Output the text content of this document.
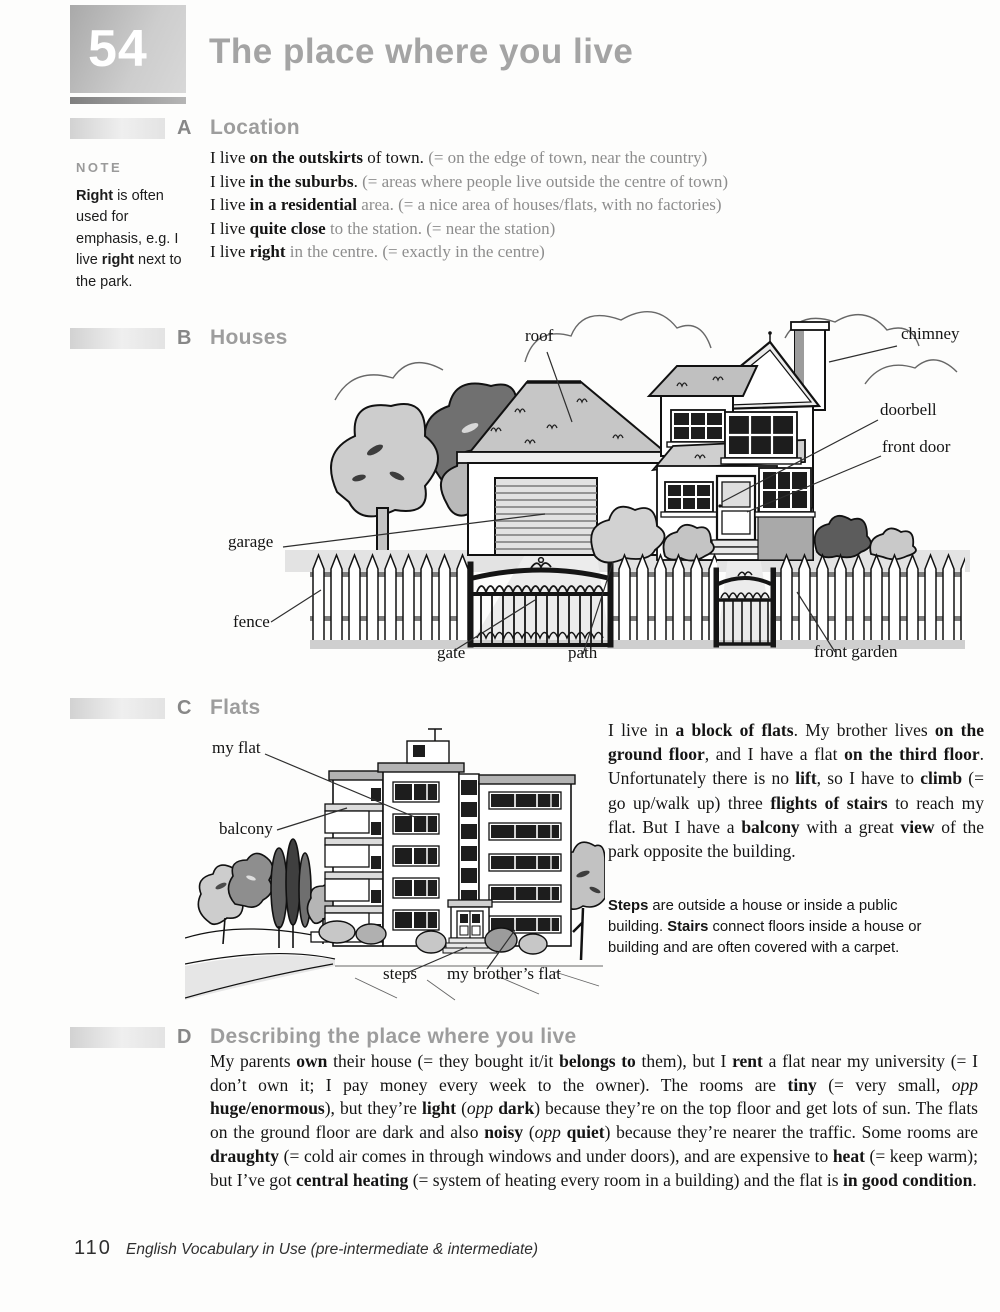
54 The place where you live
A Location
NOTE
Right is often used for emphasis, e.g. I live right next to the park.
I live on the outskirts of town. (= on the edge of town, near the country)
I live in the suburbs. (= areas where people live outside the centre of town)
I live in a residential area. (= a nice area of houses/flats, with no factories)
I live quite close to the station. (= near the station)
I live right in the centre. (= exactly in the centre)
B Houses	roof	chimney
doorbell
front door
garage
fence
gate	path	front garden
C Flats
my flat
balcony
steps my brother’s flat
I live in a block of flats. My brother lives on the ground floor, and I have a flat on the third floor. Unfortunately there is no lift, so I have to climb (= go up/walk up) three flights of stairs to reach my flat. But I have a balcony with a great view of the park opposite the building.
Steps are outside a house or inside a public building. Stairs connect floors inside a house or building and are often covered with a carpet.
D Describing the place where you live
My parents own their house (= they bought it/it belongs to them), but I rent a flat near my university (= I don’t own it; I pay money every week to the owner). The rooms are tiny (= very small, opp huge/enormous), but they’re light (opp dark) because they’re on the top floor and get lots of sun. The flats on the ground floor are dark and also noisy (opp quiet) because they’re nearer the traffic. Some rooms are draughty (= cold air comes in through windows and under doors), and are expensive to heat (= keep warm); but I’ve got central heating (= system of heating every room in a building) and the flat is in good condition.
110 English Vocabulary in Use (pre-intermediate & intermediate)
